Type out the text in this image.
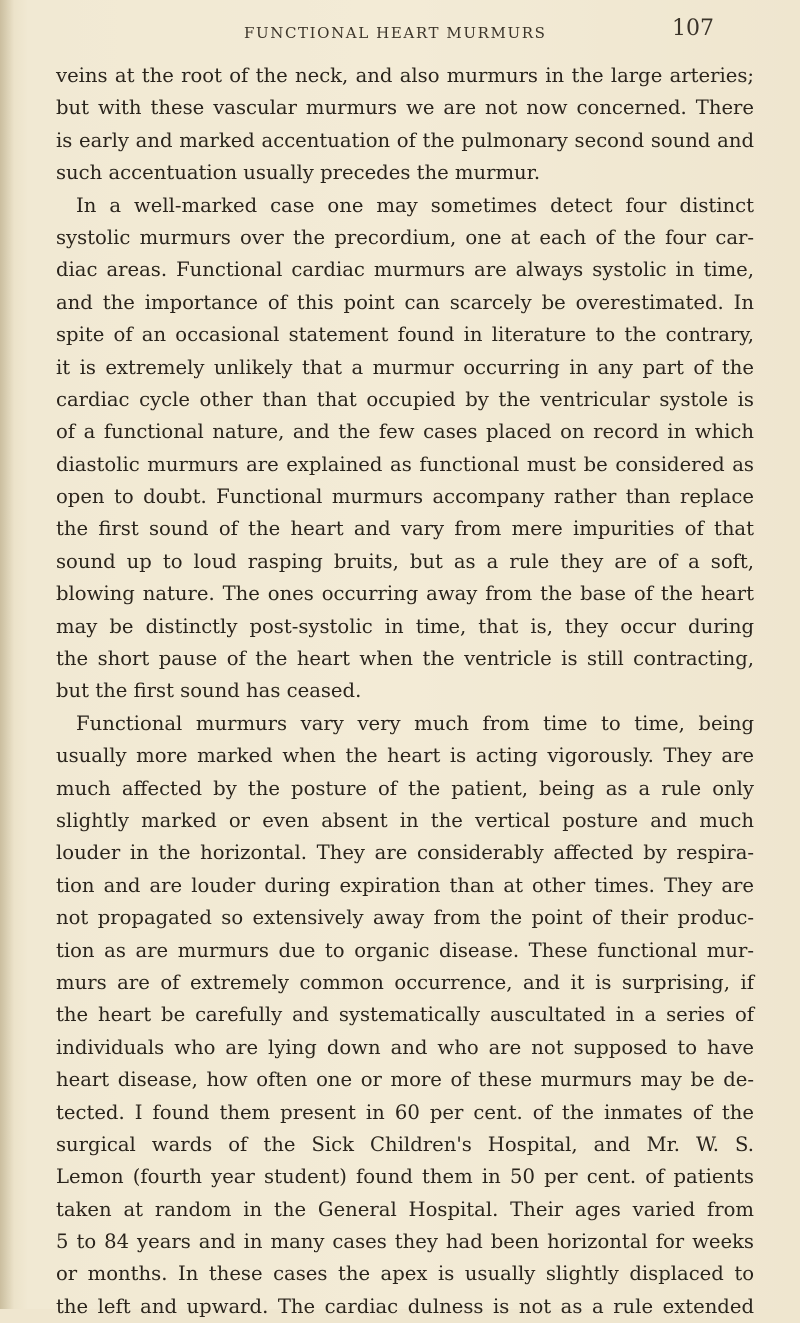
FUNCTIONAL HEART MURMURS	107
veins at the root of the neck, and also murmurs in the large arteries;
but with these vascular murmurs we are not now concerned. There
is early and marked accentuation of the pulmonary second sound and
such accentuation usually precedes the murmur.
In a well-marked case one may sometimes detect four distinct
systolic murmurs over the precordium, one at each of the four car-
diac areas. Functional cardiac murmurs are always systolic in time,
and the importance of this point can scarcely be overestimated. In
spite of an occasional statement found in literature to the contrary,
it is extremely unlikely that a murmur occurring in any part of the
cardiac cycle other than that occupied by the ventricular systole is
of a functional nature, and the few cases placed on record in which
diastolic murmurs are explained as functional must be considered as
open to doubt. Functional murmurs accompany rather than replace
the first sound of the heart and vary from mere impurities of that
sound up to loud rasping bruits, but as a rule they are of a soft,
blowing nature. The ones occurring away from the base of the heart
may be distinctly post-systolic in time, that is, they occur during
the short pause of the heart when the ventricle is still contracting,
but the first sound has ceased.
Functional murmurs vary very much from time to time, being
usually more marked when the heart is acting vigorously. They are
much affected by the posture of the patient, being as a rule only
slightly marked or even absent in the vertical posture and much
louder in the horizontal. They are considerably affected by respira-
tion and are louder during expiration than at other times. They are
not propagated so extensively away from the point of their produc-
tion as are murmurs due to organic disease. These functional mur-
murs are of extremely common occurrence, and it is surprising, if
the heart be carefully and systematically auscultated in a series of
individuals who are lying down and who are not supposed to have
heart disease, how often one or more of these murmurs may be de-
tected. I found them present in 60 per cent. of the inmates of the
surgical wards of the Sick Children's Hospital, and Mr. W. S.
Lemon (fourth year student) found them in 50 per cent. of patients
taken at random in the General Hospital. Their ages varied from
5 to 84 years and in many cases they had been horizontal for weeks
or months. In these cases the apex is usually slightly displaced to
the left and upward. The cardiac dulness is not as a rule extended
